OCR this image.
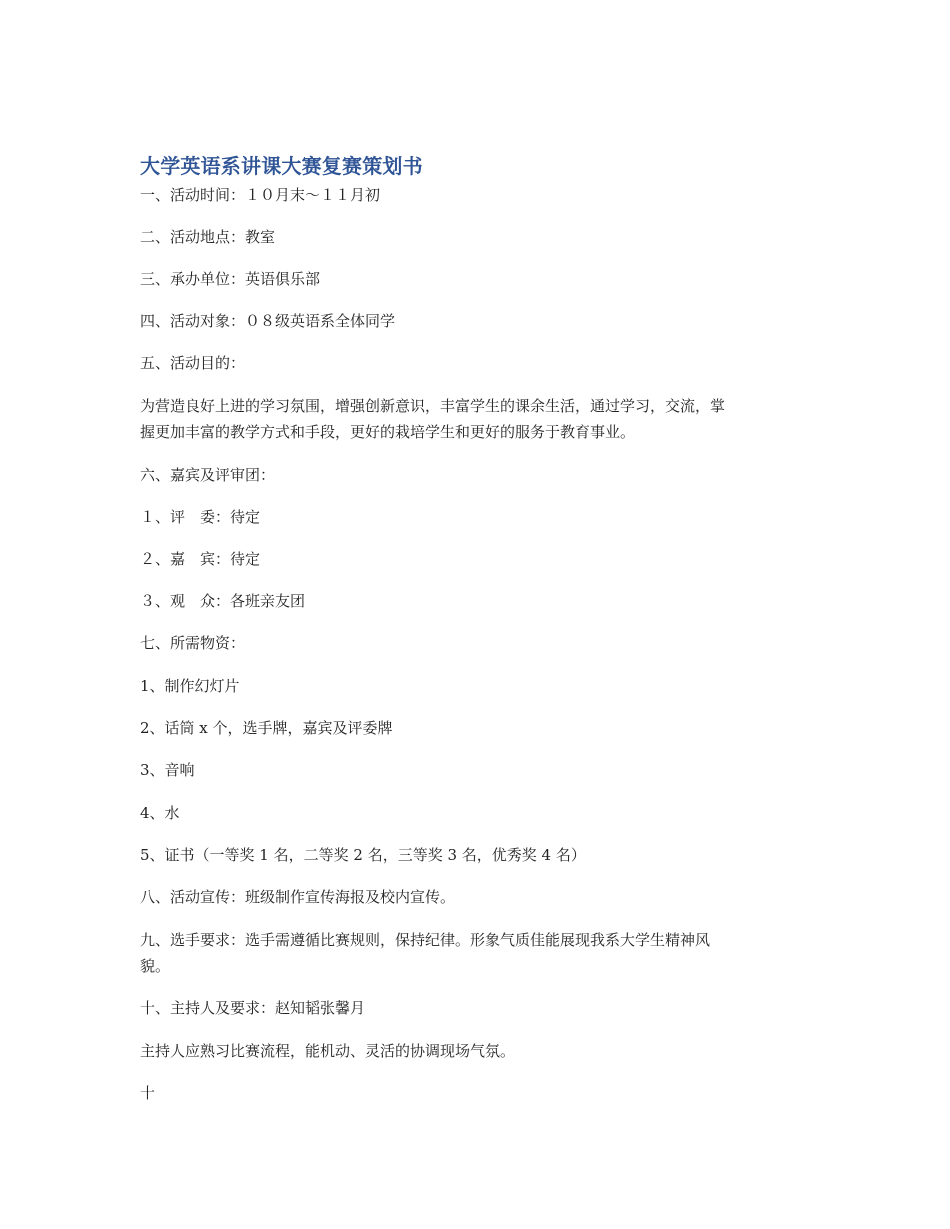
大学英语系讲课大赛复赛策划书

一、活动时间：１０月末～１１月初

二、活动地点：教室

三、承办单位：英语俱乐部

四、活动对象：０８级英语系全体同学

五、活动目的：

为营造良好上进的学习氛围，增强创新意识，丰富学生的课余生活，通过学习，交流，掌
握更加丰富的教学方式和手段，更好的栽培学生和更好的服务于教育事业。

六、嘉宾及评审团：

１、评　委：待定

２、嘉　宾：待定

３、观　众：各班亲友团

七、所需物资：

1、制作幻灯片

2、话筒 x 个，选手牌，嘉宾及评委牌

3、音响

4、水

5、证书（一等奖 1 名，二等奖 2 名，三等奖 3 名，优秀奖 4 名）

八、活动宣传：班级制作宣传海报及校内宣传。

九、选手要求：选手需遵循比赛规则，保持纪律。形象气质佳能展现我系大学生精神风
貌。

十、主持人及要求：赵知韬张馨月

主持人应熟习比赛流程，能机动、灵活的协调现场气氛。

十
